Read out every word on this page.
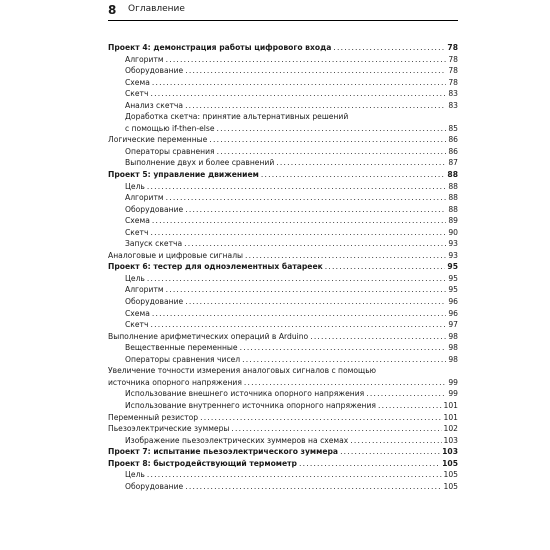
8 Оглавление
Проект 4: демонстрация работы цифрового входа .....	78
Алгоритм .....	78
Оборудование .....	78
Схема .....	78
Скетч .....	83
Анализ скетча .....	83
Доработка скетча: принятие альтернативных решений
с помощью if-then-else .....	85
Логические переменные .....	86
Операторы сравнения .....	86
Выполнение двух и более сравнений .....	87
Проект 5: управление движением .....	88
Цель .....	88
Алгоритм .....	88
Оборудование .....	88
Схема .....	89
Скетч .....	90
Запуск скетча .....	93
Аналоговые и цифровые сигналы .....	93
Проект 6: тестер для одноэлементных батареек .....	95
Цель .....	95
Алгоритм .....	95
Оборудование .....	96
Схема .....	96
Скетч .....	97
Выполнение арифметических операций в Arduino .....	98
Вещественные переменные .....	98
Операторы сравнения чисел .....	98
Увеличение точности измерения аналоговых сигналов с помощью
источника опорного напряжения .....	99
Использование внешнего источника опорного напряжения .....	99
Использование внутреннего источника опорного напряжения .....	101
Переменный резистор .....	101
Пьезоэлектрические зуммеры .....	102
Изображение пьезоэлектрических зуммеров на схемах .....	103
Проект 7: испытание пьезоэлектрического зуммера .....	103
Проект 8: быстродействующий термометр .....	105
Цель .....	105
Оборудование .....	105
